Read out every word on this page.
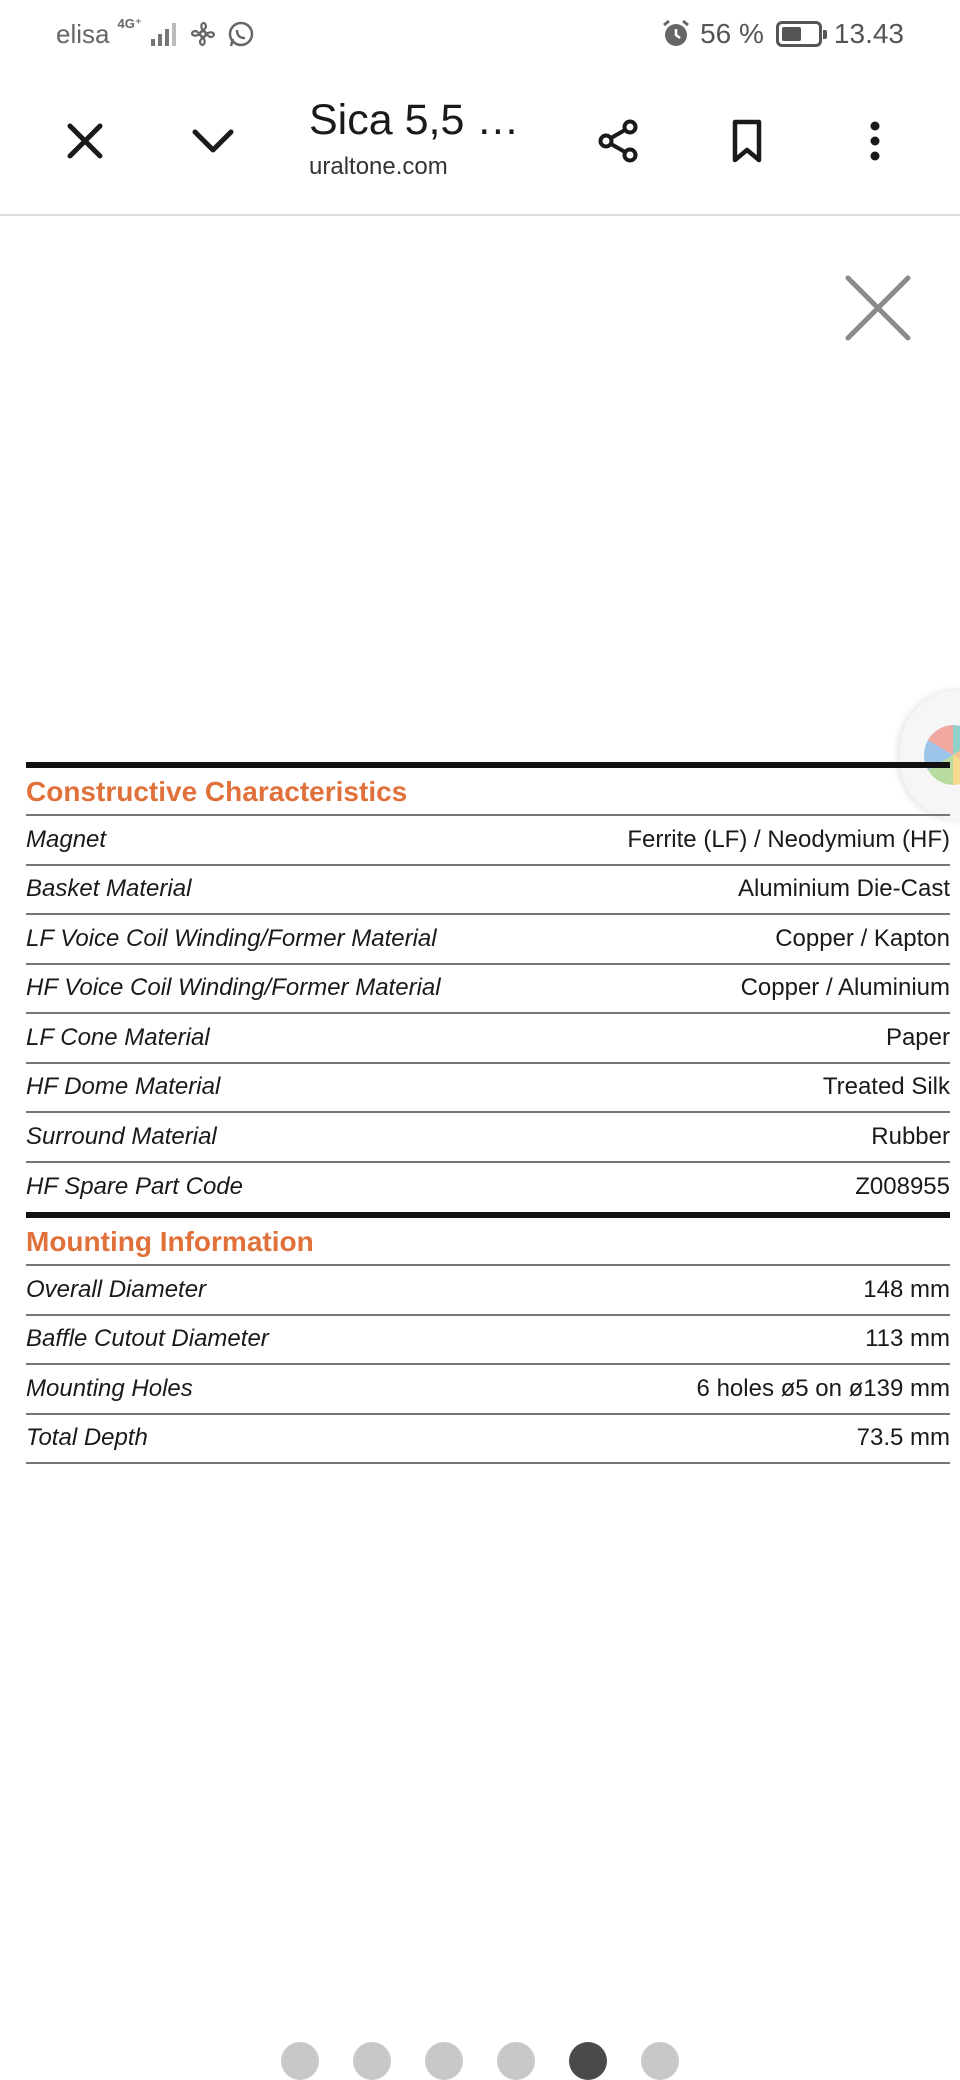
elisa 4G⁺	56 %	13.43
Sica 5,5 …
uraltone.com
Constructive Characteristics
Magnet	Ferrite (LF) / Neodymium (HF)
Basket Material	Aluminium Die-Cast
LF Voice Coil Winding/Former Material	Copper / Kapton
HF Voice Coil Winding/Former Material	Copper / Aluminium
LF Cone Material	Paper
HF Dome Material	Treated Silk
Surround Material	Rubber
HF Spare Part Code	Z008955
Mounting Information
Overall Diameter	148 mm
Baffle Cutout Diameter	113 mm
Mounting Holes	6 holes ø5 on ø139 mm
Total Depth	73.5 mm
